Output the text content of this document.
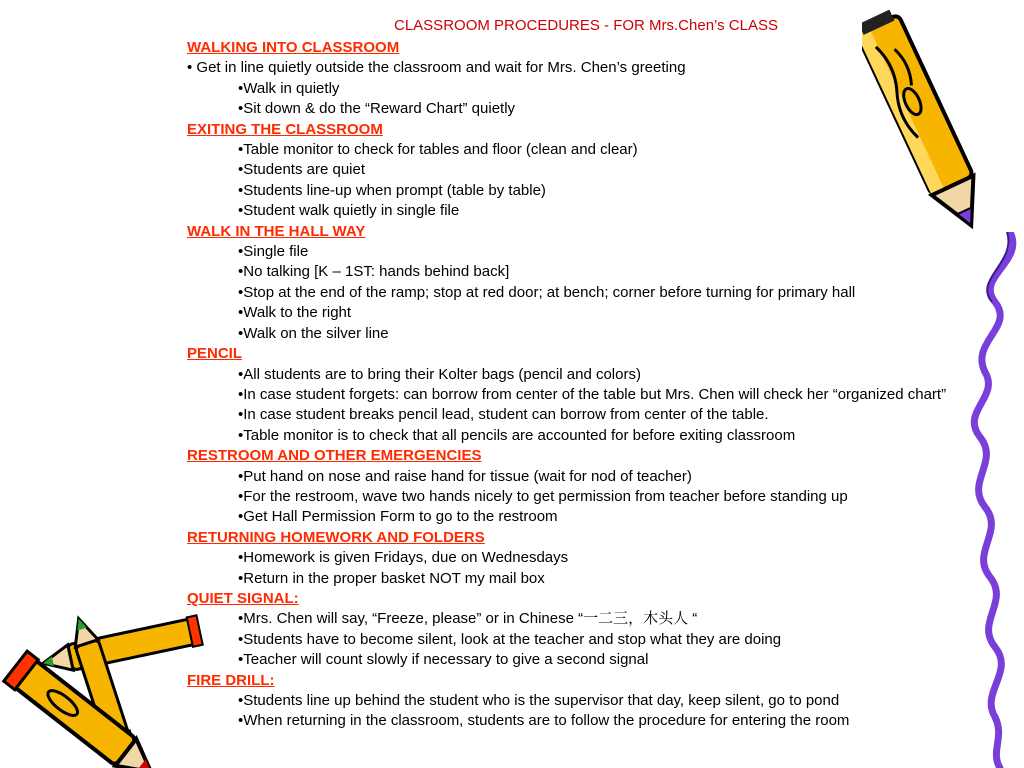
CLASSROOM PROCEDURES - FOR Mrs.Chen’s CLASS
WALKING INTO CLASSROOM
• Get in line quietly outside the classroom and wait for Mrs. Chen’s greeting
•Walk in quietly
•Sit down & do the “Reward Chart” quietly
EXITING THE CLASSROOM
•Table monitor to check for tables and floor (clean and clear)
•Students are quiet
•Students line-up when prompt (table by table)
•Student walk quietly in single file
WALK IN THE HALL WAY
•Single file
•No talking [K – 1ST: hands behind back]
•Stop at the end of the ramp; stop at red door; at bench; corner before turning for primary hall
•Walk to the right
•Walk on the silver line
PENCIL
•All students are to bring their Kolter bags (pencil and colors)
•In case student forgets: can borrow from center of the table but Mrs. Chen will check her “organized chart”
•In case student breaks pencil lead, student can borrow from center of the table.
•Table monitor is to check that all pencils are accounted for before exiting classroom
RESTROOM AND OTHER EMERGENCIES
•Put hand on nose and raise hand for tissue (wait for nod of teacher)
•For the restroom, wave two hands nicely to get permission from teacher before standing up
•Get Hall Permission Form to go to the restroom
RETURNING HOMEWORK AND FOLDERS
•Homework is given Fridays, due on Wednesdays
•Return in the proper basket NOT my mail box
QUIET SIGNAL:
•Mrs. Chen will say, “Freeze, please” or in Chinese “一二三，木头人 “
•Students have to become silent, look at the teacher and stop what they are doing
•Teacher will count slowly if necessary to give a second signal
FIRE DRILL:
•Students line up behind the student who is the supervisor that day, keep silent, go to pond
•When returning in the classroom, students are to follow the procedure for entering the room
